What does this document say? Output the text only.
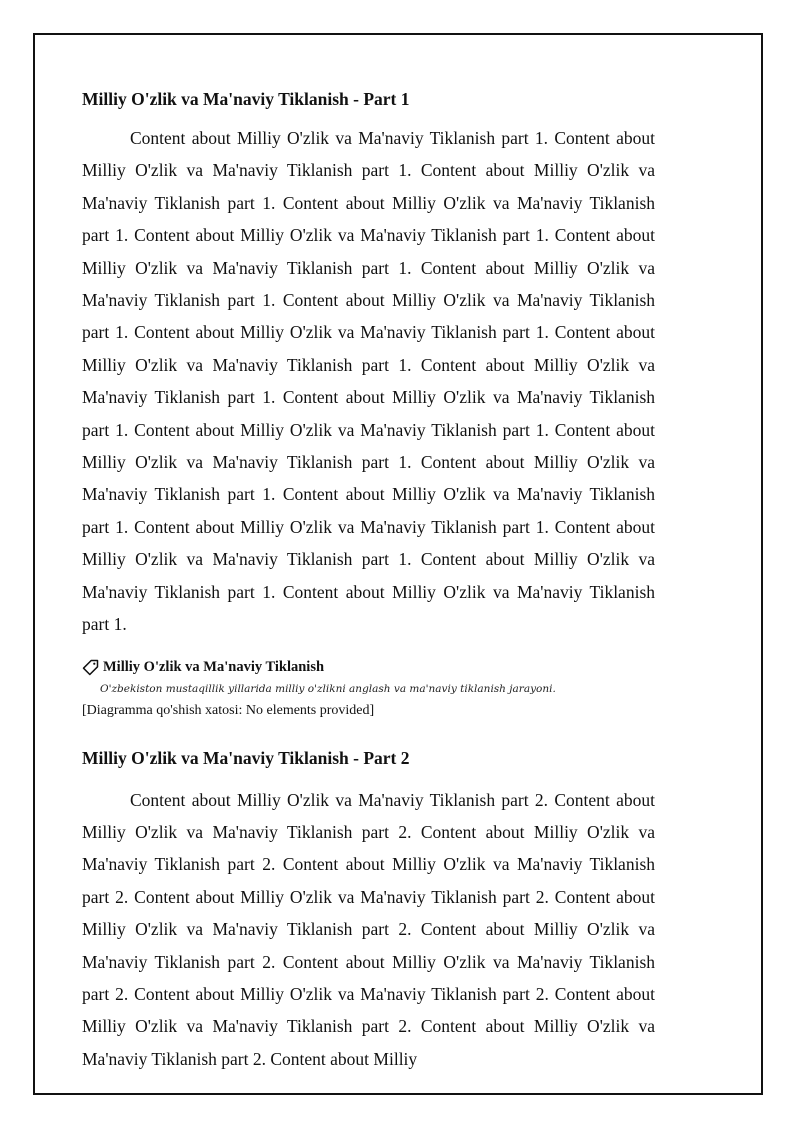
Milliy O'zlik va Ma'naviy Tiklanish - Part 1

Content about Milliy O'zlik va Ma'naviy Tiklanish part 1. Content about Milliy O'zlik va Ma'naviy Tiklanish part 1. Content about Milliy O'zlik va Ma'naviy Tiklanish part 1. Content about Milliy O'zlik va Ma'naviy Tiklanish part 1. Content about Milliy O'zlik va Ma'naviy Tiklanish part 1. Content about Milliy O'zlik va Ma'naviy Tiklanish part 1. Content about Milliy O'zlik va Ma'naviy Tiklanish part 1. Content about Milliy O'zlik va Ma'naviy Tiklanish part 1. Content about Milliy O'zlik va Ma'naviy Tiklanish part 1. Content about Milliy O'zlik va Ma'naviy Tiklanish part 1. Content about Milliy O'zlik va Ma'naviy Tiklanish part 1. Content about Milliy O'zlik va Ma'naviy Tiklanish part 1. Content about Milliy O'zlik va Ma'naviy Tiklanish part 1. Content about Milliy O'zlik va Ma'naviy Tiklanish part 1. Content about Milliy O'zlik va Ma'naviy Tiklanish part 1. Content about Milliy O'zlik va Ma'naviy Tiklanish part 1. Content about Milliy O'zlik va Ma'naviy Tiklanish part 1. Content about Milliy O'zlik va Ma'naviy Tiklanish part 1. Content about Milliy O'zlik va Ma'naviy Tiklanish part 1. Content about Milliy O'zlik va Ma'naviy Tiklanish part 1.

Milliy O'zlik va Ma'naviy Tiklanish
O'zbekiston mustaqillik yillarida milliy o'zlikni anglash va ma'naviy tiklanish jarayoni.
[Diagramma qo'shish xatosi: No elements provided]
Milliy O'zlik va Ma'naviy Tiklanish - Part 2

Content about Milliy O'zlik va Ma'naviy Tiklanish part 2. Content about Milliy O'zlik va Ma'naviy Tiklanish part 2. Content about Milliy O'zlik va Ma'naviy Tiklanish part 2. Content about Milliy O'zlik va Ma'naviy Tiklanish part 2. Content about Milliy O'zlik va Ma'naviy Tiklanish part 2. Content about Milliy O'zlik va Ma'naviy Tiklanish part 2. Content about Milliy O'zlik va Ma'naviy Tiklanish part 2. Content about Milliy O'zlik va Ma'naviy Tiklanish part 2. Content about Milliy O'zlik va Ma'naviy Tiklanish part 2. Content about Milliy O'zlik va Ma'naviy Tiklanish part 2. Content about Milliy O'zlik va Ma'naviy Tiklanish part 2. Content about Milliy
